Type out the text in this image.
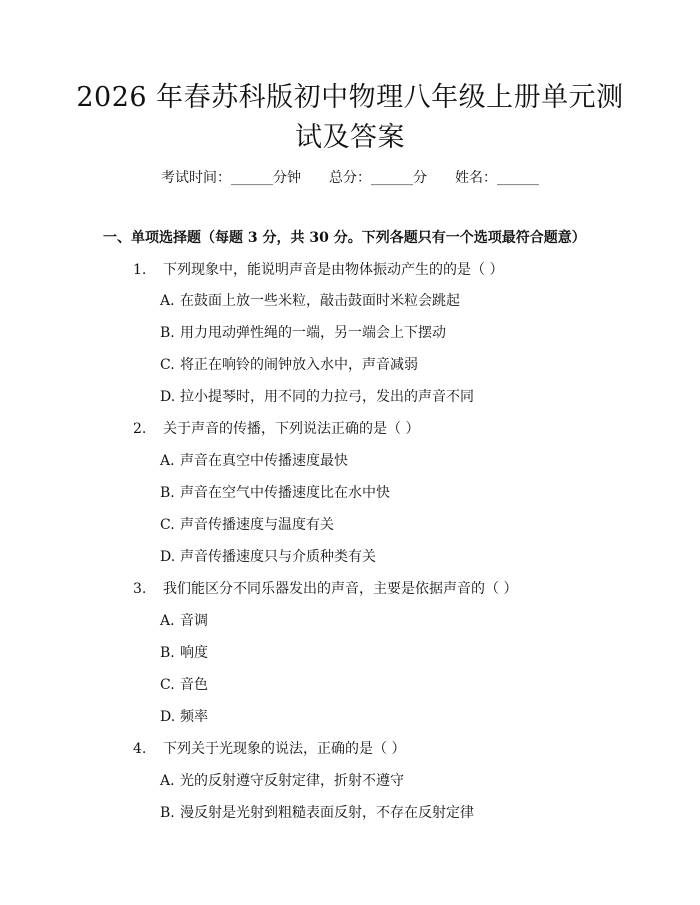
2026 年春苏科版初中物理八年级上册单元测
试及答案
考试时间：______分钟 总分：______分 姓名：______
一、单项选择题（每题 3 分，共 30 分。下列各题只有一个选项最符合题意）
1. 下列现象中，能说明声音是由物体振动产生的的是（ ）
A. 在鼓面上放一些米粒，敲击鼓面时米粒会跳起
B. 用力甩动弹性绳的一端，另一端会上下摆动
C. 将正在响铃的闹钟放入水中，声音减弱
D. 拉小提琴时，用不同的力拉弓，发出的声音不同
2. 关于声音的传播，下列说法正确的是（ ）
A. 声音在真空中传播速度最快
B. 声音在空气中传播速度比在水中快
C. 声音传播速度与温度有关
D. 声音传播速度只与介质种类有关
3. 我们能区分不同乐器发出的声音，主要是依据声音的（ ）
A. 音调
B. 响度
C. 音色
D. 频率
4. 下列关于光现象的说法，正确的是（ ）
A. 光的反射遵守反射定律，折射不遵守
B. 漫反射是光射到粗糙表面反射，不存在反射定律
